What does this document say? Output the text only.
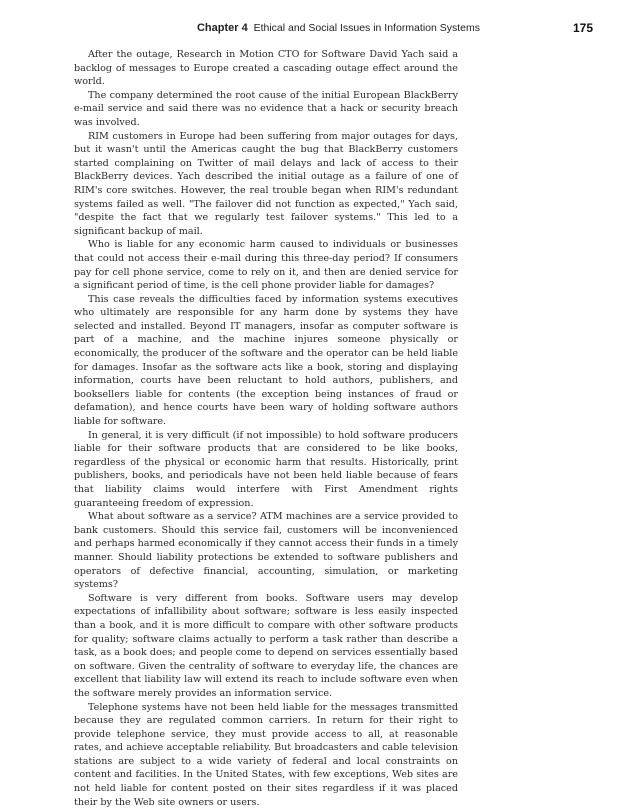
Chapter 4 Ethical and Social Issues in Information Systems	175

After the outage, Research in Motion CTO for Software David Yach said a backlog of messages to Europe created a cascading outage effect around the world.

The company determined the root cause of the initial European BlackBerry e-mail service and said there was no evidence that a hack or security breach was involved.

RIM customers in Europe had been suffering from major outages for days, but it wasn't until the Americas caught the bug that BlackBerry customers started complaining on Twitter of mail delays and lack of access to their BlackBerry devices. Yach described the initial outage as a failure of one of RIM's core switches. However, the real trouble began when RIM's redundant systems failed as well. "The failover did not function as expected," Yach said, "despite the fact that we regularly test failover systems." This led to a significant backup of mail.

Who is liable for any economic harm caused to individuals or businesses that could not access their e-mail during this three-day period? If consumers pay for cell phone service, come to rely on it, and then are denied service for a significant period of time, is the cell phone provider liable for damages?

This case reveals the difficulties faced by information systems executives who ultimately are responsible for any harm done by systems they have selected and installed. Beyond IT managers, insofar as computer software is part of a machine, and the machine injures someone physically or economically, the producer of the software and the operator can be held liable for damages. Insofar as the software acts like a book, storing and displaying information, courts have been reluctant to hold authors, publishers, and booksellers liable for contents (the exception being instances of fraud or defamation), and hence courts have been wary of holding software authors liable for software.

In general, it is very difficult (if not impossible) to hold software producers liable for their software products that are considered to be like books, regardless of the physical or economic harm that results. Historically, print publishers, books, and periodicals have not been held liable because of fears that liability claims would interfere with First Amendment rights guaranteeing freedom of expression.

What about software as a service? ATM machines are a service provided to bank customers. Should this service fail, customers will be inconvenienced and perhaps harmed economically if they cannot access their funds in a timely manner. Should liability protections be extended to software publishers and operators of defective financial, accounting, simulation, or marketing systems?

Software is very different from books. Software users may develop expectations of infallibility about software; software is less easily inspected than a book, and it is more difficult to compare with other software products for quality; software claims actually to perform a task rather than describe a task, as a book does; and people come to depend on services essentially based on software. Given the centrality of software to everyday life, the chances are excellent that liability law will extend its reach to include software even when the software merely provides an information service.

Telephone systems have not been held liable for the messages transmitted because they are regulated common carriers. In return for their right to provide telephone service, they must provide access to all, at reasonable rates, and achieve acceptable reliability. But broadcasters and cable television stations are subject to a wide variety of federal and local constraints on content and facilities. In the United States, with few exceptions, Web sites are not held liable for content posted on their sites regardless if it was placed their by the Web site owners or users.
